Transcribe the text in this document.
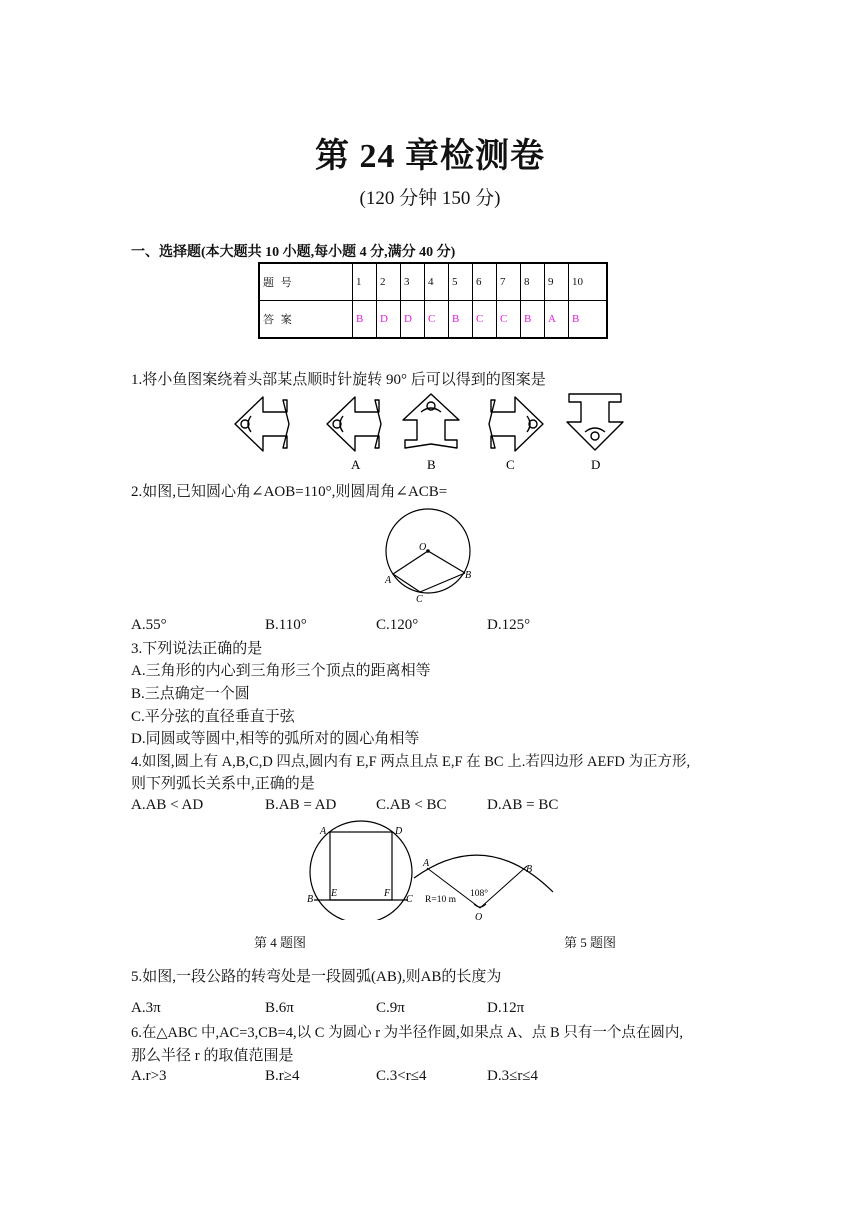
第 24 章检测卷
(120 分钟 150 分)
一、选择题(本大题共 10 小题,每小题 4 分,满分 40 分)
题 号	1	2	3	4	5	6	7	8	9	10
答 案	B	D	D	C	B	C	C	B	A	B
1.将小鱼图案绕着头部某点顺时针旋转 90° 后可以得到的图案是
A	B	C	D
2.如图,已知圆心角∠AOB=110°,则圆周角∠ACB=
O
A	B
C
A.55°	B.110°	C.120°	D.125°
3.下列说法正确的是
A.三角形的内心到三角形三个顶点的距离相等
B.三点确定一个圆
C.平分弦的直径垂直于弦
D.同圆或等圆中,相等的弧所对的圆心角相等
4.如图,圆上有 A,B,C,D 四点,圆内有 E,F 两点且点 E,F 在 BC 上.若四边形 AEFD 为正方形,
则下列弧长关系中,正确的是
A.AB < AD	B.AB = AD	C.AB < BC	D.AB = BC
A	D
B
E	F
C
A
B
R=10 m
108°
O
第 4 题图	第 5 题图
5.如图,一段公路的转弯处是一段圆弧(AB),则AB的长度为
A.3π	B.6π	C.9π	D.12π
6.在△ABC 中,AC=3,CB=4,以 C 为圆心 r 为半径作圆,如果点 A、点 B 只有一个点在圆内,
那么半径 r 的取值范围是
A.r>3	B.r≥4	C.3<r≤4	D.3≤r≤4
